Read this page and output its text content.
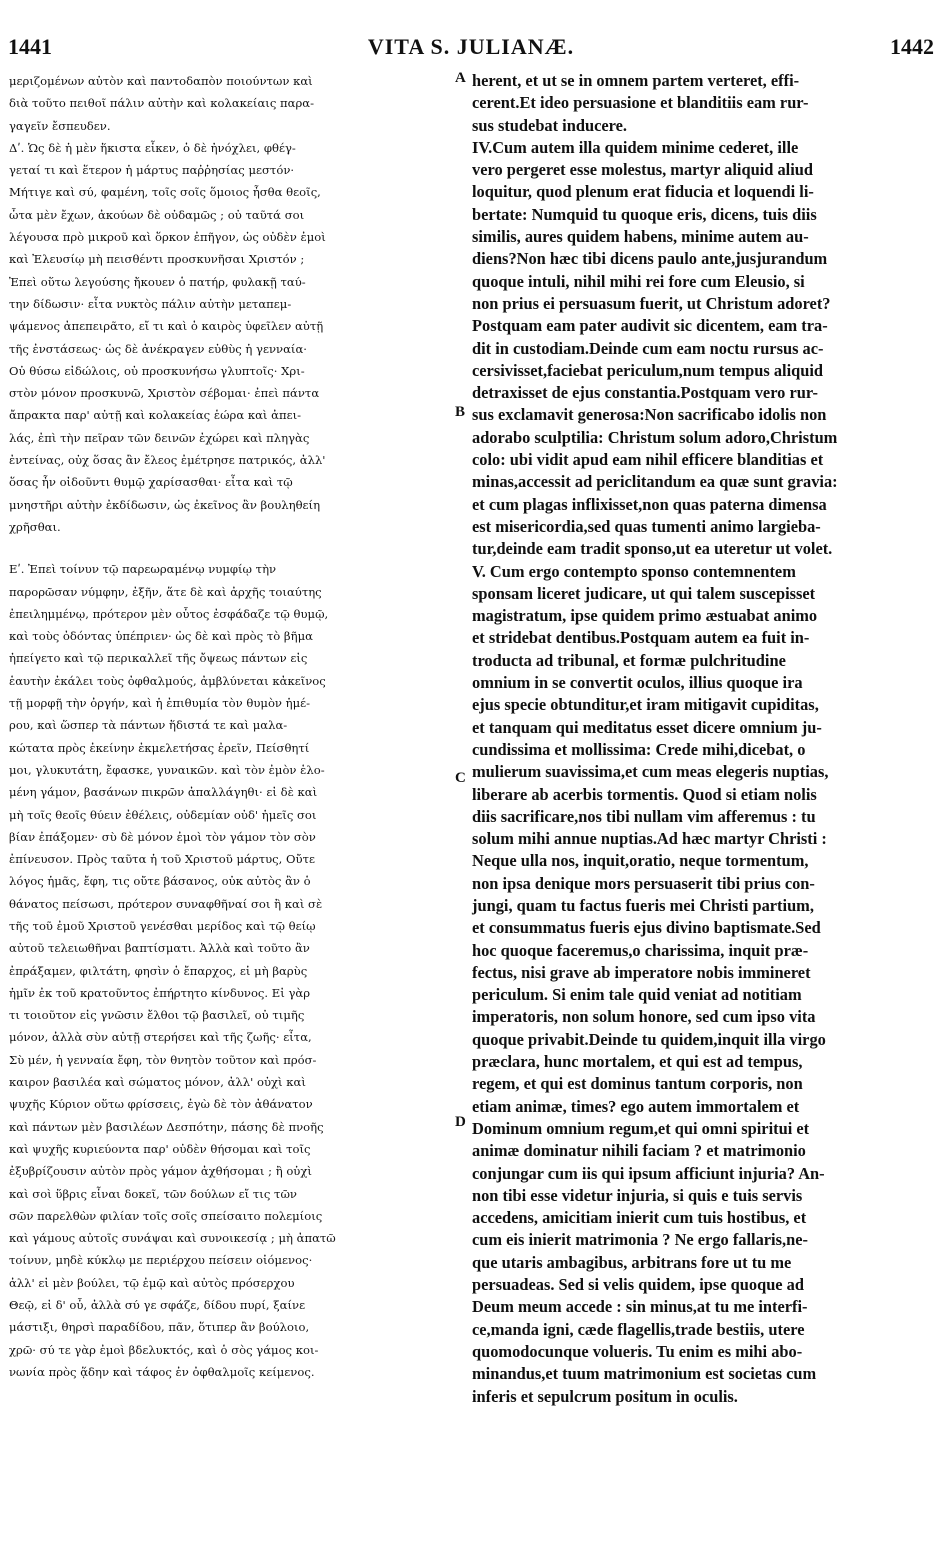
1441	VITA S. JULIANÆ.	1442
μεριζομένων αὐτὸν καὶ παντοδαπὸν ποιούντων καὶ
διὰ τοῦτο πειθοῖ πάλιν αὐτὴν καὶ κολακείαις παρα-
γαγεῖν ἔσπευδεν.
Δʹ. Ὡς δὲ ἡ μὲν ἥκιστα εἶκεν, ὁ δὲ ἠνόχλει, φθέγ-
γεταί τι καὶ ἕτερον ἡ μάρτυς παῤῥησίας μεστόν·
Μήτιγε καὶ σύ, φαμένη, τοῖς σοῖς ὅμοιος ἦσθα θεοῖς,
ὦτα μὲν ἔχων, ἀκούων δὲ οὐδαμῶς ; οὐ ταῦτά σοι
λέγουσα πρὸ μικροῦ καὶ ὅρκον ἐπῆγον, ὡς οὐδὲν ἐμοὶ
καὶ Ἐλευσίῳ μὴ πεισθέντι προσκυνῆσαι Χριστόν ;
Ἐπεὶ οὕτω λεγούσης ἤκουεν ὁ πατήρ, φυλακῇ ταύ-
την δίδωσιν· εἶτα νυκτὸς πάλιν αὐτὴν μεταπεμ-
ψάμενος ἀπεπειρᾶτο, εἴ τι καὶ ὁ καιρὸς ὑφεῖλεν αὐτῇ
τῆς ἐνστάσεως· ὡς δὲ ἀνέκραγεν εὐθὺς ἡ γενναία·
Οὐ θύσω εἰδώλοις, οὐ προσκυνήσω γλυπτοῖς· Χρι-
στὸν μόνον προσκυνῶ, Χριστὸν σέβομαι· ἐπεὶ πάντα
ἄπρακτα παρ' αὐτῇ καὶ κολακείας ἑώρα καὶ ἀπει-
λάς, ἐπὶ τὴν πεῖραν τῶν δεινῶν ἐχώρει καὶ πληγὰς
ἐντείνας, οὐχ ὅσας ἂν ἔλεος ἐμέτρησε πατρικός, ἀλλ'
ὅσας ἦν οἰδοῦντι θυμῷ χαρίσασθαι· εἶτα καὶ τῷ
μνηστῆρι αὐτὴν ἐκδίδωσιν, ὡς ἐκεῖνος ἂν βουληθείη
χρῆσθαι.
Εʹ. Ἐπεὶ τοίνυν τῷ παρεωραμένῳ νυμφίῳ τὴν
παρορῶσαν νύμφην, ἐξῆν, ἅτε δὲ καὶ ἀρχῆς τοιαύτης
ἐπειλημμένῳ, πρότερον μὲν οὗτος ἐσφάδαζε τῷ θυμῷ,
καὶ τοὺς ὀδόντας ὑπέπριεν· ὡς δὲ καὶ πρὸς τὸ βῆμα
ἠπείγετο καὶ τῷ περικαλλεῖ τῆς ὄψεως πάντων εἰς
ἑαυτὴν ἐκάλει τοὺς ὀφθαλμούς, ἀμβλύνεται κἀκεῖνος
τῇ μορφῇ τὴν ὀργήν, καὶ ἡ ἐπιθυμία τὸν θυμὸν ἡμέ-
ρου, καὶ ὥσπερ τὰ πάντων ἥδιστά τε καὶ μαλα-
κώτατα πρὸς ἐκείνην ἐκμελετήσας ἐρεῖν, Πείσθητί
μοι, γλυκυτάτη, ἔφασκε, γυναικῶν. καὶ τὸν ἐμὸν ἑλο-
μένη γάμον, βασάνων πικρῶν ἀπαλλάγηθι· εἰ δὲ καὶ
μὴ τοῖς θεοῖς θύειν ἐθέλεις, οὐδεμίαν οὐδ' ἡμεῖς σοι
βίαν ἐπάξομεν· σὺ δὲ μόνον ἐμοὶ τὸν γάμον τὸν σὸν
ἐπίνευσον. Πρὸς ταῦτα ἡ τοῦ Χριστοῦ μάρτυς, Οὔτε
λόγος ἡμᾶς, ἔφη, τις οὔτε βάσανος, οὐκ αὐτὸς ἂν ὁ
θάνατος πείσωσι, πρότερον συναφθῆναί σοι ἢ καὶ σὲ
τῆς τοῦ ἐμοῦ Χριστοῦ γενέσθαι μερίδος καὶ τῷ θείῳ
αὐτοῦ τελειωθῆναι βαπτίσματι. Ἀλλὰ καὶ τοῦτο ἂν
ἐπράξαμεν, φιλτάτη, φησὶν ὁ ἔπαρχος, εἰ μὴ βαρὺς
ἡμῖν ἐκ τοῦ κρατοῦντος ἐπήρτητο κίνδυνος. Εἰ γὰρ
τι τοιοῦτον εἰς γνῶσιν ἔλθοι τῷ βασιλεῖ, οὐ τιμῆς
μόνον, ἀλλὰ σὺν αὐτῇ στερήσει καὶ τῆς ζωῆς· εἶτα,
Σὺ μέν, ἡ γενναία ἔφη, τὸν θνητὸν τοῦτον καὶ πρόσ-
καιρον βασιλέα καὶ σώματος μόνον, ἀλλ' οὐχὶ καὶ
ψυχῆς Κύριον οὕτω φρίσσεις, ἐγὼ δὲ τὸν ἀθάνατον
καὶ πάντων μὲν βασιλέων Δεσπότην, πάσης δὲ πνοῆς
καὶ ψυχῆς κυριεύοντα παρ' οὐδὲν θήσομαι καὶ τοῖς
ἐξυβρίζουσιν αὐτὸν πρὸς γάμον ἀχθήσομαι ; ἢ οὐχὶ
καὶ σοὶ ὕβρις εἶναι δοκεῖ, τῶν δούλων εἴ τις τῶν
σῶν παρελθὼν φιλίαν τοῖς σοῖς σπείσαιτο πολεμίοις
καὶ γάμους αὐτοῖς συνάψαι καὶ συνοικεσίᾳ ; μὴ ἀπατῶ
τοίνυν, μηδὲ κύκλῳ με περιέρχου πείσειν οἰόμενος·
ἀλλ' εἰ μὲν βούλει, τῷ ἐμῷ καὶ αὐτὸς πρόσερχου
Θεῷ, εἰ δ' οὖ, ἀλλὰ σύ γε σφάζε, δίδου πυρί, ξαίνε
μάστιξι, θηρσὶ παραδίδου, πᾶν, ὅτιπερ ἂν βούλοιο,
χρῶ· σύ τε γὰρ ἐμοὶ βδελυκτός, καὶ ὁ σὸς γάμος κοι-
νωνία πρὸς ᾅδην καὶ τάφος ἐν ὀφθαλμοῖς κείμενος.
herent, et ut se in omnem partem verteret, effi-
cerent.Et ideo persuasione et blanditiis eam rur-
sus studebat inducere.
IV.Cum autem illa quidem minime cederet, ille
vero pergeret esse molestus, martyr aliquid aliud
loquitur, quod plenum erat fiducia et loquendi li-
bertate: Numquid tu quoque eris, dicens, tuis diis
similis, aures quidem habens, minime autem au-
diens?Non hæc tibi dicens paulo ante,jusjurandum
quoque intuli, nihil mihi rei fore cum Eleusio, si
non prius ei persuasum fuerit, ut Christum adoret?
Postquam eam pater audivit sic dicentem, eam tra-
dit in custodiam.Deinde cum eam noctu rursus ac-
cersivisset,faciebat periculum,num tempus aliquid
detraxisset de ejus constantia.Postquam vero rur-
sus exclamavit generosa:Non sacrificabo idolis non
adorabo sculptilia: Christum solum adoro,Christum
colo: ubi vidit apud eam nihil efficere blanditias et
minas,accessit ad periclitandum ea quæ sunt gravia:
et cum plagas inflixisset,non quas paterna dimensa
est misericordia,sed quas tumenti animo largieba-
tur,deinde eam tradit sponso,ut ea uteretur ut volet.
V. Cum ergo contempto sponso contemnentem
sponsam liceret judicare, ut qui talem suscepisset
magistratum, ipse quidem primo æstuabat animo
et stridebat dentibus.Postquam autem ea fuit in-
troducta ad tribunal, et formæ pulchritudine
omnium in se convertit oculos, illius quoque ira
ejus specie obtunditur,et iram mitigavit cupiditas,
et tanquam qui meditatus esset dicere omnium ju-
cundissima et mollissima: Crede mihi,dicebat, o
mulierum suavissima,et cum meas elegeris nuptias,
liberare ab acerbis tormentis. Quod si etiam nolis
diis sacrificare,nos tibi nullam vim afferemus : tu
solum mihi annue nuptias.Ad hæc martyr Christi :
Neque ulla nos, inquit,oratio, neque tormentum,
non ipsa denique mors persuaserit tibi prius con-
jungi, quam tu factus fueris mei Christi partium,
et consummatus fueris ejus divino baptismate.Sed
hoc quoque faceremus,o charissima, inquit præ-
fectus, nisi grave ab imperatore nobis immineret
periculum. Si enim tale quid veniat ad notitiam
imperatoris, non solum honore, sed cum ipso vita
quoque privabit.Deinde tu quidem,inquit illa virgo
præclara, hunc mortalem, et qui est ad tempus,
regem, et qui est dominus tantum corporis, non
etiam animæ, times? ego autem immortalem et
Dominum omnium regum,et qui omni spiritui et
animæ dominatur nihili faciam ? et matrimonio
conjungar cum iis qui ipsum afficiunt injuria? An-
non tibi esse videtur injuria, si quis e tuis servis
accedens, amicitiam inierit cum tuis hostibus, et
cum eis inierit matrimonia ? Ne ergo fallaris,ne-
que utaris ambagibus, arbitrans fore ut tu me
persuadeas. Sed si velis quidem, ipse quoque ad
Deum meum accede : sin minus,at tu me interfi-
ce,manda igni, cæde flagellis,trade bestiis, utere
quomodocunque volueris. Tu enim es mihi abo-
minandus,et tuum matrimonium est societas cum
inferis et sepulcrum positum in oculis.
A
B
C
D
